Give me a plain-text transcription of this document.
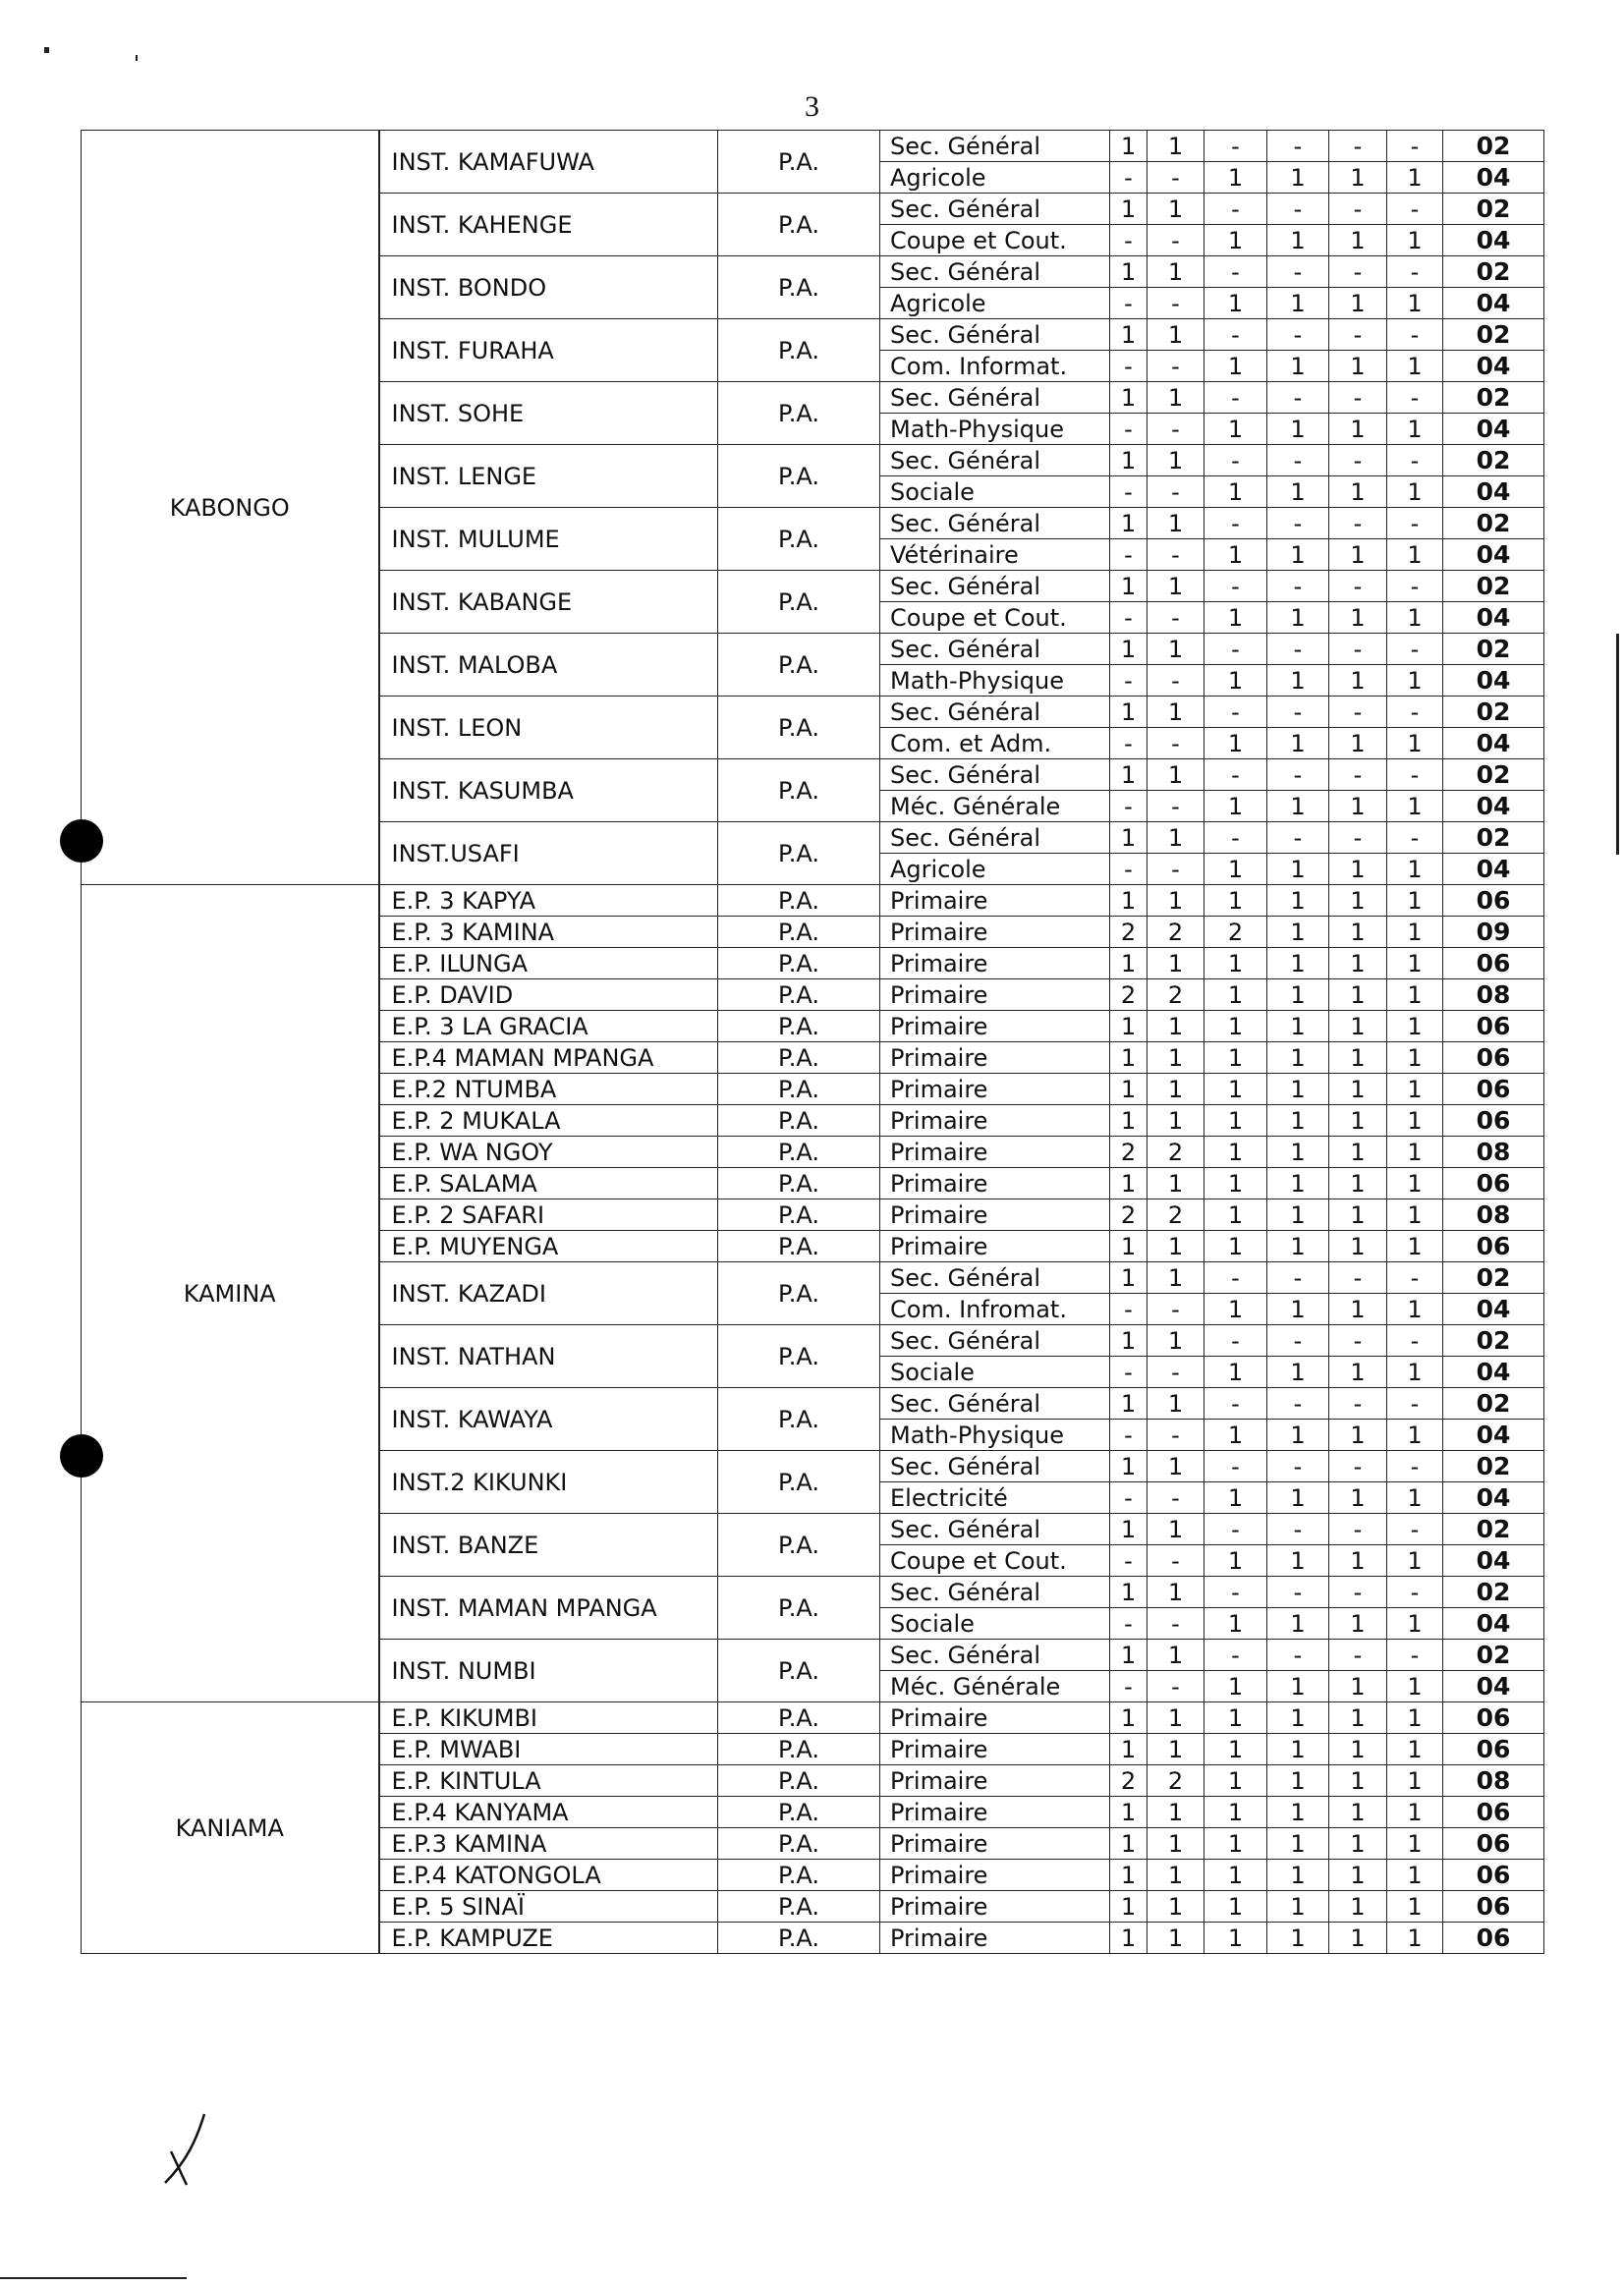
3
KABONGO	INST. KAMAFUWA	P.A.	Sec. Général	1	1	-	-	-	-	02
			Agricole	-	-	1	1	1	1	04
	INST. KAHENGE	P.A.	Sec. Général	1	1	-	-	-	-	02
			Coupe et Cout.	-	-	1	1	1	1	04
	INST. BONDO	P.A.	Sec. Général	1	1	-	-	-	-	02
			Agricole	-	-	1	1	1	1	04
	INST. FURAHA	P.A.	Sec. Général	1	1	-	-	-	-	02
			Com. Informat.	-	-	1	1	1	1	04
	INST. SOHE	P.A.	Sec. Général	1	1	-	-	-	-	02
			Math-Physique	-	-	1	1	1	1	04
	INST. LENGE	P.A.	Sec. Général	1	1	-	-	-	-	02
			Sociale	-	-	1	1	1	1	04
	INST. MULUME	P.A.	Sec. Général	1	1	-	-	-	-	02
			Vétérinaire	-	-	1	1	1	1	04
	INST. KABANGE	P.A.	Sec. Général	1	1	-	-	-	-	02
			Coupe et Cout.	-	-	1	1	1	1	04
	INST. MALOBA	P.A.	Sec. Général	1	1	-	-	-	-	02
			Math-Physique	-	-	1	1	1	1	04
	INST. LEON	P.A.	Sec. Général	1	1	-	-	-	-	02
			Com. et Adm.	-	-	1	1	1	1	04
	INST. KASUMBA	P.A.	Sec. Général	1	1	-	-	-	-	02
			Méc. Générale	-	-	1	1	1	1	04
	INST.USAFI	P.A.	Sec. Général	1	1	-	-	-	-	02
			Agricole	-	-	1	1	1	1	04
KAMINA	E.P. 3 KAPYA	P.A.	Primaire	1	1	1	1	1	1	06
	E.P. 3 KAMINA	P.A.	Primaire	2	2	2	1	1	1	09
	E.P. ILUNGA	P.A.	Primaire	1	1	1	1	1	1	06
	E.P. DAVID	P.A.	Primaire	2	2	1	1	1	1	08
	E.P. 3 LA GRACIA	P.A.	Primaire	1	1	1	1	1	1	06
	E.P.4 MAMAN MPANGA	P.A.	Primaire	1	1	1	1	1	1	06
	E.P.2 NTUMBA	P.A.	Primaire	1	1	1	1	1	1	06
	E.P. 2 MUKALA	P.A.	Primaire	1	1	1	1	1	1	06
	E.P. WA NGOY	P.A.	Primaire	2	2	1	1	1	1	08
	E.P. SALAMA	P.A.	Primaire	1	1	1	1	1	1	06
	E.P. 2 SAFARI	P.A.	Primaire	2	2	1	1	1	1	08
	E.P. MUYENGA	P.A.	Primaire	1	1	1	1	1	1	06
	INST. KAZADI	P.A.	Sec. Général	1	1	-	-	-	-	02
			Com. Infromat.	-	-	1	1	1	1	04
	INST. NATHAN	P.A.	Sec. Général	1	1	-	-	-	-	02
			Sociale	-	-	1	1	1	1	04
	INST. KAWAYA	P.A.	Sec. Général	1	1	-	-	-	-	02
			Math-Physique	-	-	1	1	1	1	04
	INST.2 KIKUNKI	P.A.	Sec. Général	1	1	-	-	-	-	02
			Electricité	-	-	1	1	1	1	04
	INST. BANZE	P.A.	Sec. Général	1	1	-	-	-	-	02
			Coupe et Cout.	-	-	1	1	1	1	04
	INST. MAMAN MPANGA	P.A.	Sec. Général	1	1	-	-	-	-	02
			Sociale	-	-	1	1	1	1	04
	INST. NUMBI	P.A.	Sec. Général	1	1	-	-	-	-	02
			Méc. Générale	-	-	1	1	1	1	04
KANIAMA	E.P. KIKUMBI	P.A.	Primaire	1	1	1	1	1	1	06
	E.P. MWABI	P.A.	Primaire	1	1	1	1	1	1	06
	E.P. KINTULA	P.A.	Primaire	2	2	1	1	1	1	08
	E.P.4 KANYAMA	P.A.	Primaire	1	1	1	1	1	1	06
	E.P.3 KAMINA	P.A.	Primaire	1	1	1	1	1	1	06
	E.P.4 KATONGOLA	P.A.	Primaire	1	1	1	1	1	1	06
	E.P. 5 SINAÏ	P.A.	Primaire	1	1	1	1	1	1	06
	E.P. KAMPUZE	P.A.	Primaire	1	1	1	1	1	1	06
